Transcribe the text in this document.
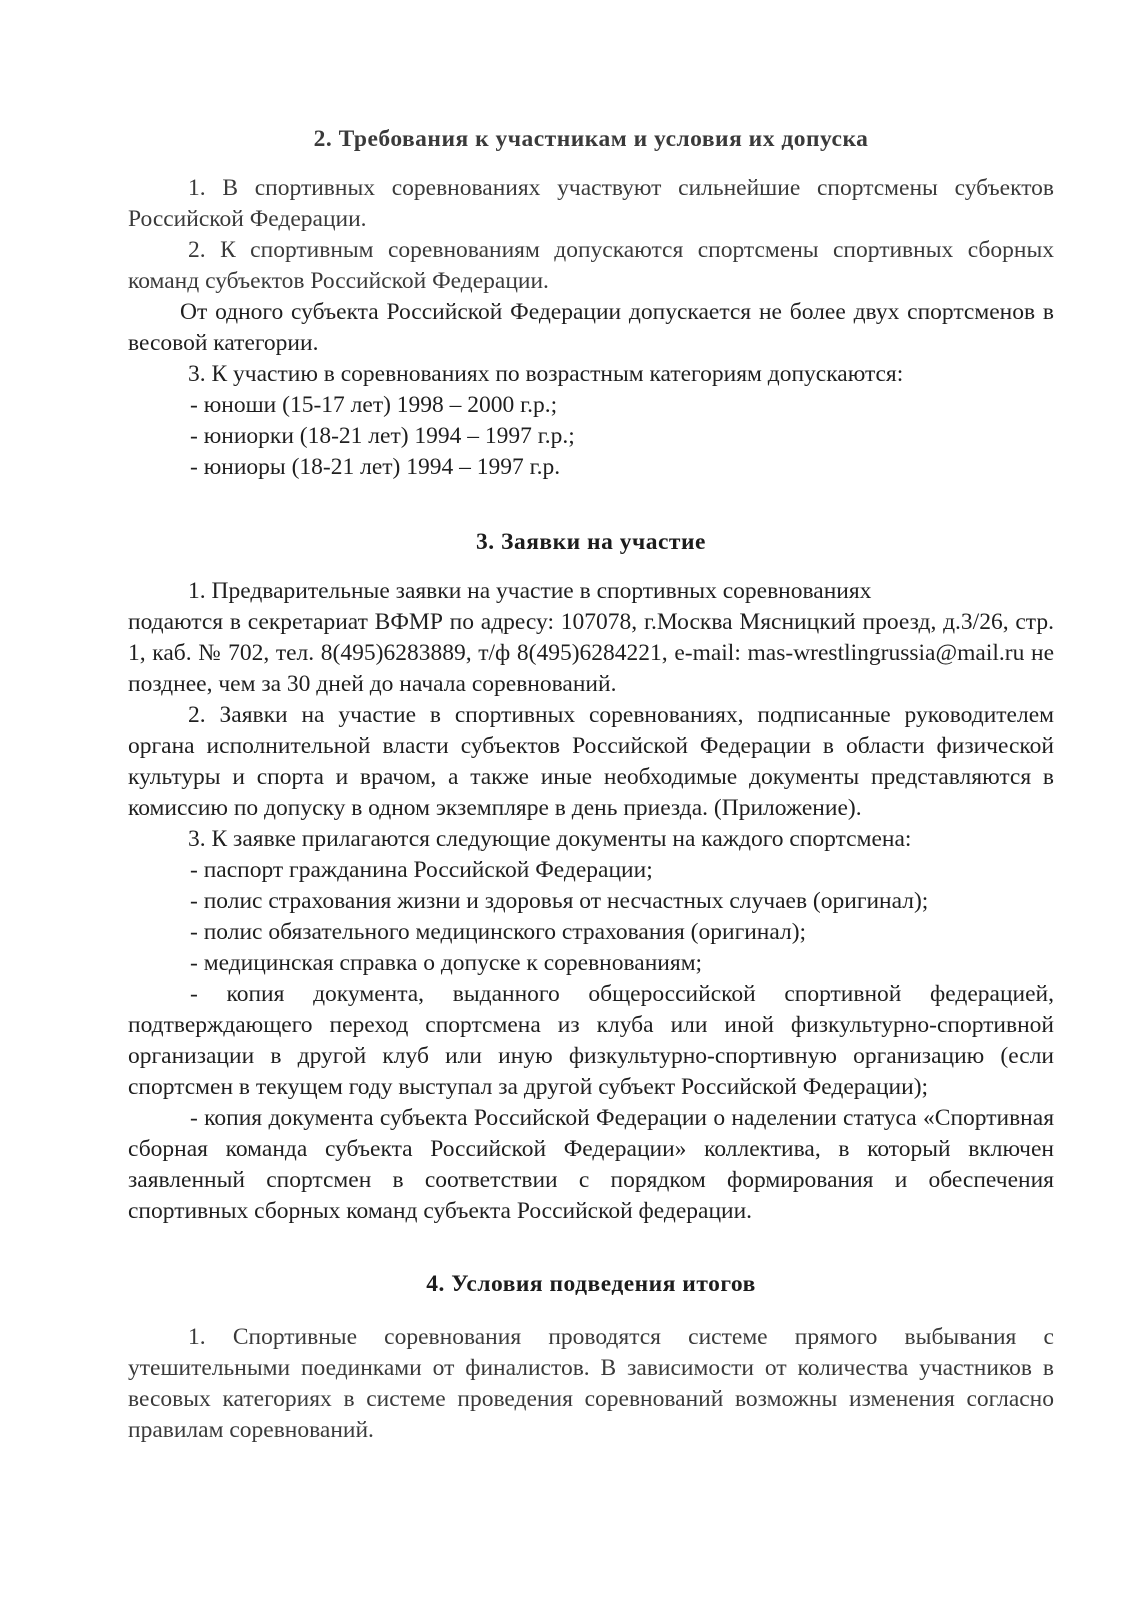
2. Требования к участникам и условия их допуска

1. В спортивных соревнованиях участвуют сильнейшие спортсмены субъектов Российской Федерации.

2. К спортивным соревнованиям допускаются спортсмены спортивных сборных команд субъектов Российской Федерации.

От одного субъекта Российской Федерации допускается не более двух спортсменов в весовой категории.

3. К участию в соревнованиях по возрастным категориям допускаются:

- юноши (15-17 лет) 1998 – 2000 г.р.;

- юниорки (18-21 лет) 1994 – 1997 г.р.;

- юниоры (18-21 лет) 1994 – 1997 г.р.

3. Заявки на участие

1. Предварительные заявки на участие в спортивных соревнованиях

подаются в секретариат ВФМР по адресу: 107078, г.Москва Мясницкий проезд, д.3/26, стр. 1, каб. № 702, тел. 8(495)6283889, т/ф 8(495)6284221, e-mail: mas-wrestlingrussia@mail.ru не позднее, чем за 30 дней до начала соревнований.

2. Заявки на участие в спортивных соревнованиях, подписанные руководителем органа исполнительной власти субъектов Российской Федерации в области физической культуры и спорта и врачом, а также иные необходимые документы представляются в комиссию по допуску в одном экземпляре в день приезда. (Приложение).

3. К заявке прилагаются следующие документы на каждого спортсмена:

- паспорт гражданина Российской Федерации;

- полис страхования жизни и здоровья от несчастных случаев (оригинал);

- полис обязательного медицинского страхования (оригинал);

- медицинская справка о допуске к соревнованиям;

- копия документа, выданного общероссийской спортивной федерацией, подтверждающего переход спортсмена из клуба или иной физкультурно-спортивной организации в другой клуб или иную физкультурно-спортивную организацию (если спортсмен в текущем году выступал за другой субъект Российской Федерации);

- копия документа субъекта Российской Федерации о наделении статуса «Спортивная сборная команда субъекта Российской Федерации» коллектива, в который включен заявленный спортсмен в соответствии с порядком формирования и обеспечения спортивных сборных команд субъекта Российской федерации.

4. Условия подведения итогов

1. Спортивные соревнования проводятся системе прямого выбывания с утешительными поединками от финалистов. В зависимости от количества участников в весовых категориях в системе проведения соревнований возможны изменения согласно правилам соревнований.
